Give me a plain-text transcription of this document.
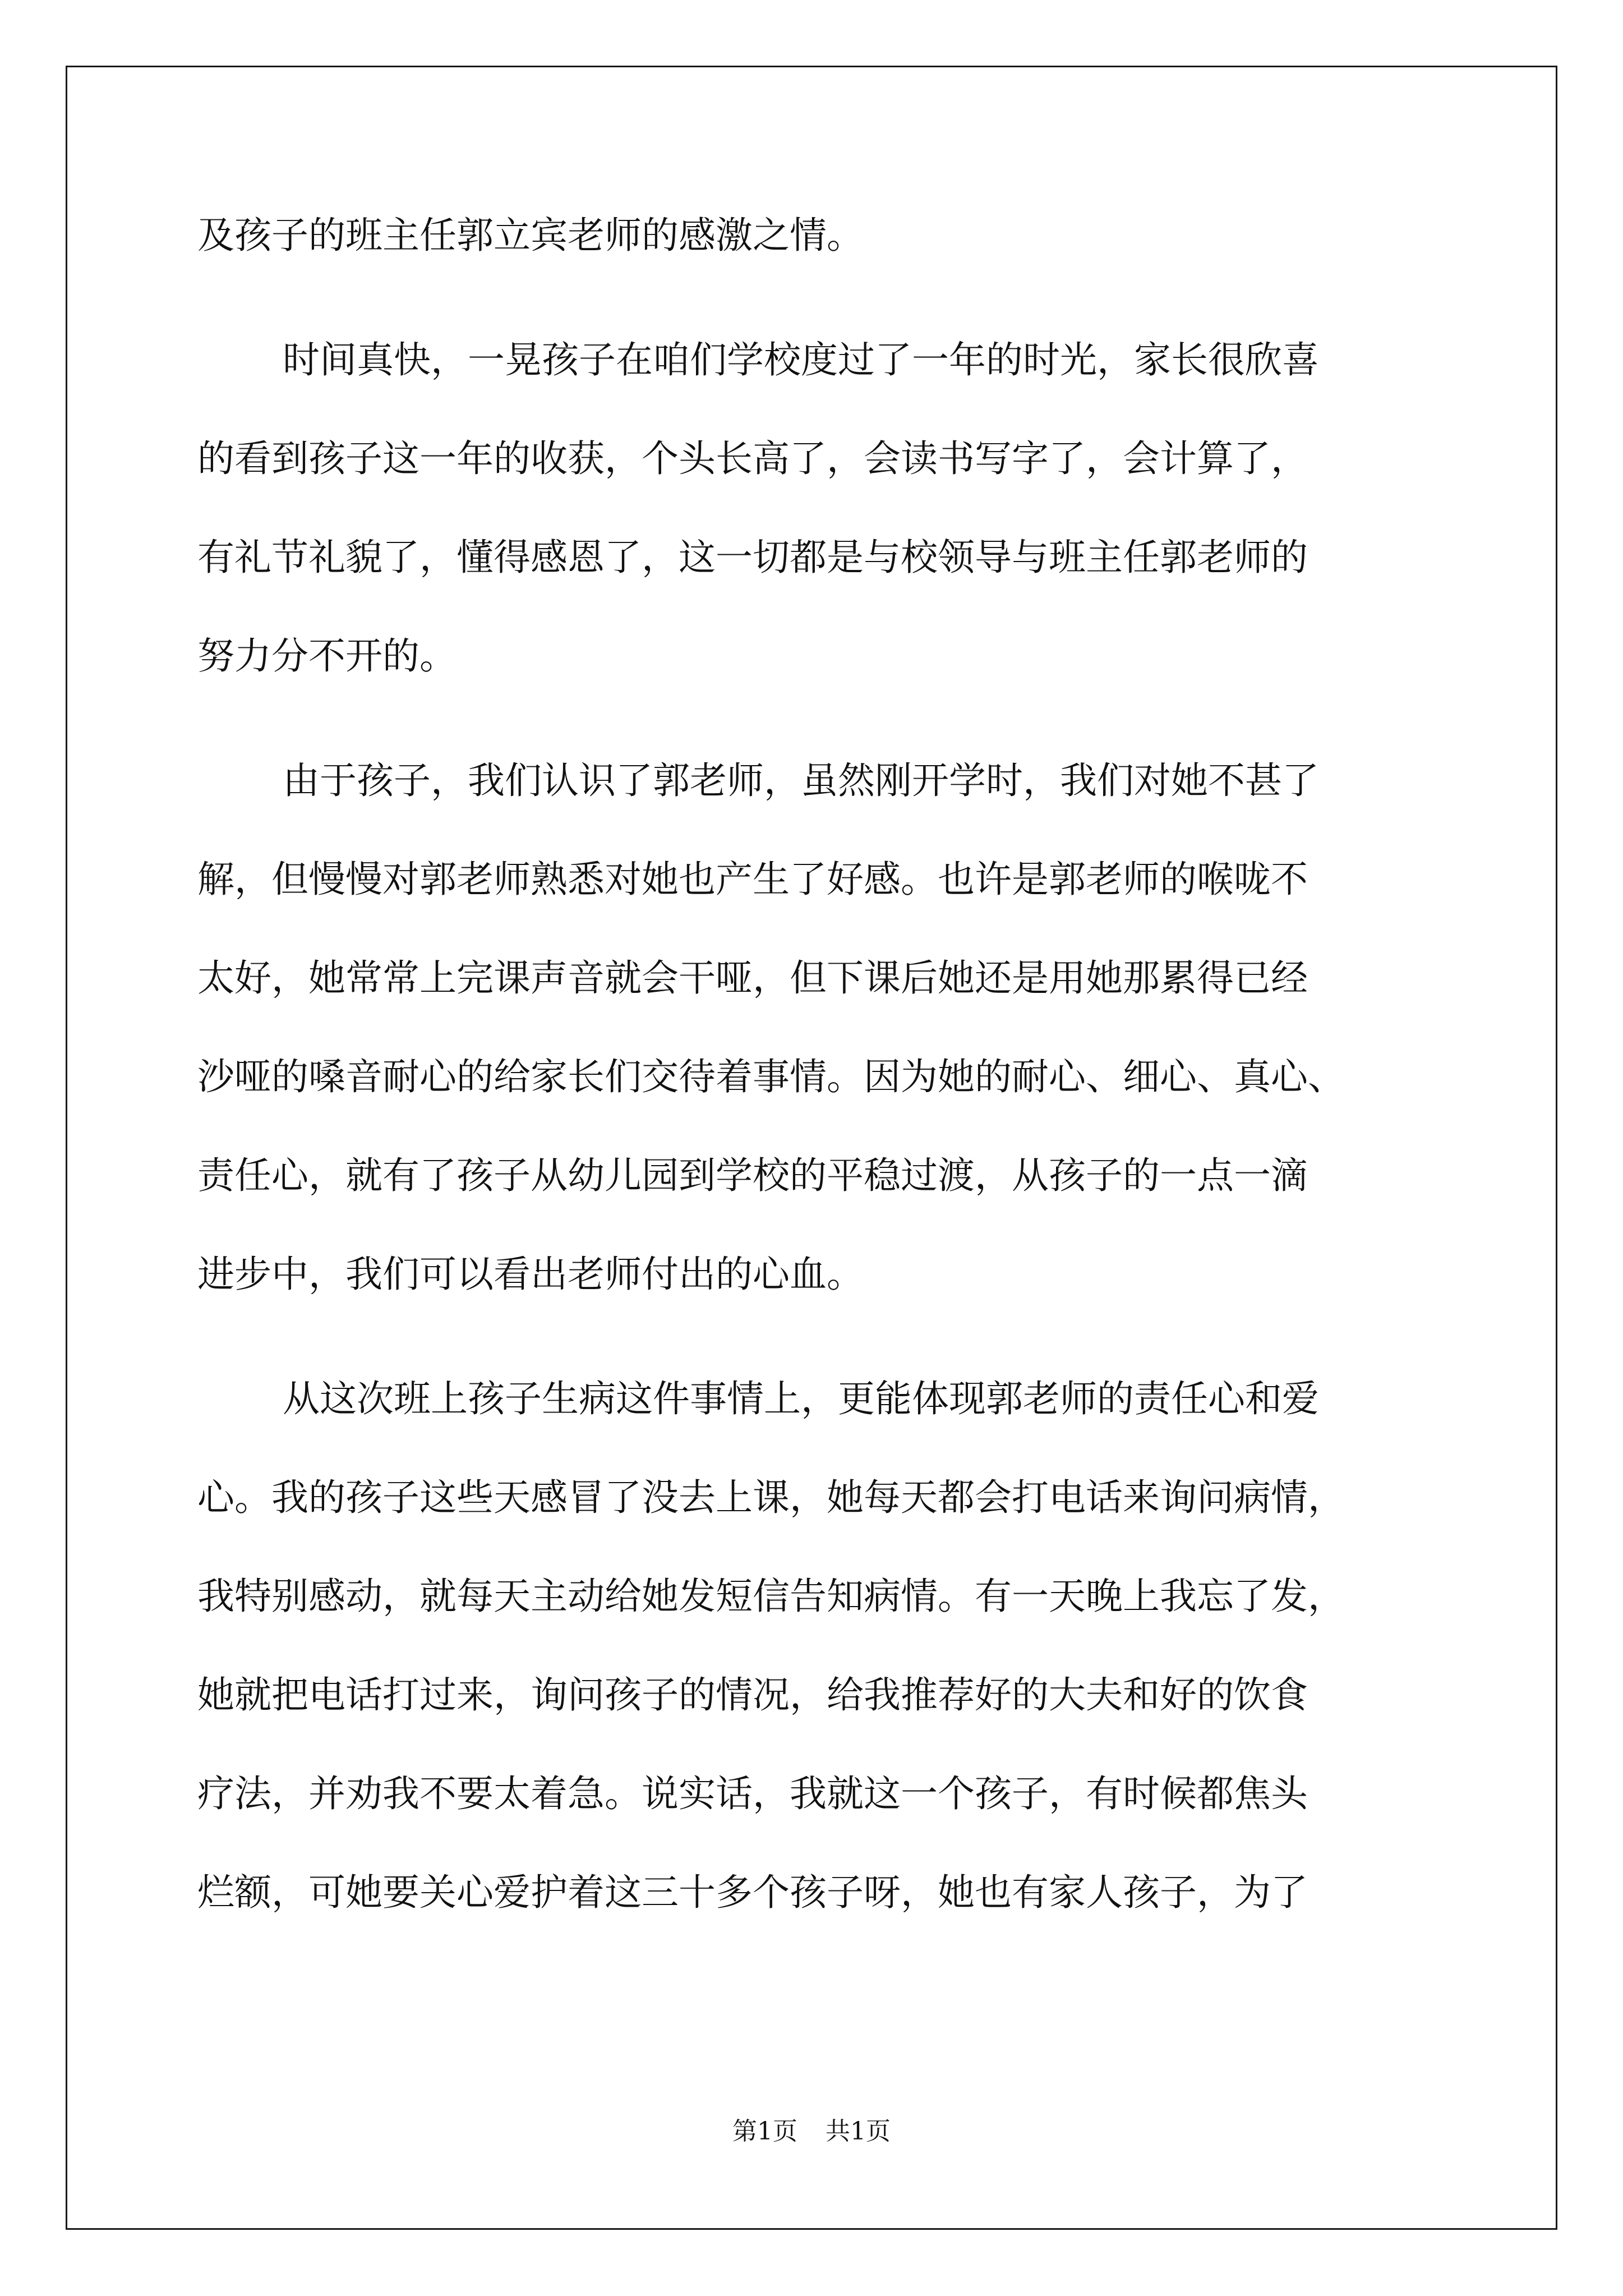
及孩子的班主任郭立宾老师的感激之情。

时间真快，一晃孩子在咱们学校度过了一年的时光，家长很欣喜

的看到孩子这一年的收获，个头长高了，会读书写字了，会计算了，

有礼节礼貌了，懂得感恩了，这一切都是与校领导与班主任郭老师的

努力分不开的。

由于孩子，我们认识了郭老师，虽然刚开学时，我们对她不甚了

解，但慢慢对郭老师熟悉对她也产生了好感。也许是郭老师的喉咙不

太好，她常常上完课声音就会干哑，但下课后她还是用她那累得已经

沙哑的嗓音耐心的给家长们交待着事情。因为她的耐心、细心、真心、

责任心，就有了孩子从幼儿园到学校的平稳过渡，从孩子的一点一滴

进步中，我们可以看出老师付出的心血。

从这次班上孩子生病这件事情上，更能体现郭老师的责任心和爱

心。我的孩子这些天感冒了没去上课，她每天都会打电话来询问病情，

我特别感动，就每天主动给她发短信告知病情。有一天晚上我忘了发，

她就把电话打过来，询问孩子的情况，给我推荐好的大夫和好的饮食

疗法，并劝我不要太着急。说实话，我就这一个孩子，有时候都焦头

烂额，可她要关心爱护着这三十多个孩子呀，她也有家人孩子，为了

第1页 共1页
